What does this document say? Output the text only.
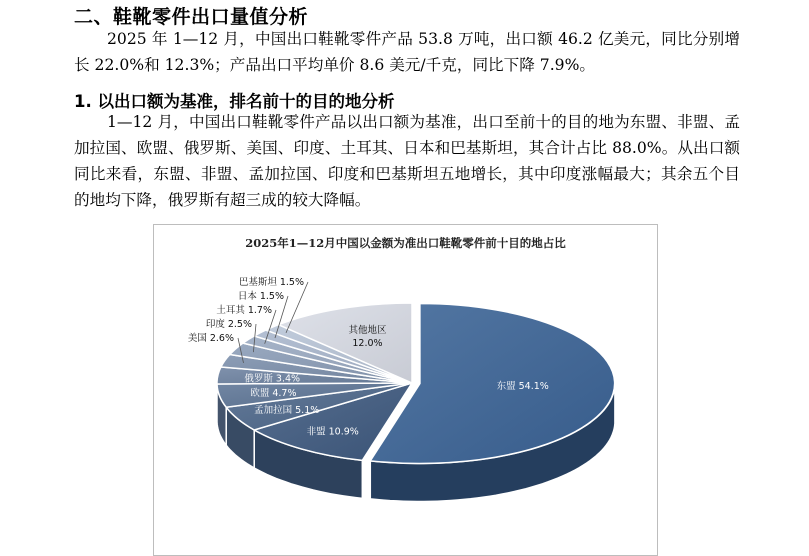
二、鞋靴零件出口量值分析
2025 年 1—12 月，中国出口鞋靴零件产品 53.8 万吨，出口额 46.2 亿美元，同比分别增长 22.0%和 12.3%；产品出口平均单价 8.6 美元/千克，同比下降 7.9%。
1. 以出口额为基准，排名前十的目的地分析
1—12 月，中国出口鞋靴零件产品以出口额为基准，出口至前十的目的地为东盟、非盟、孟加拉国、欧盟、俄罗斯、美国、印度、土耳其、日本和巴基斯坦，其合计占比 88.0%。从出口额同比来看，东盟、非盟、孟加拉国、印度和巴基斯坦五地增长，其中印度涨幅最大；其余五个目的地均下降，俄罗斯有超三成的较大降幅。
2025年1—12月中国以金额为准出口鞋靴零件前十目的地占比
东盟 54.1%
非盟 10.9%
孟加拉国 5.1%
欧盟 4.7%
俄罗斯 3.4%
美国 2.6%
印度 2.5%
土耳其 1.7%
日本 1.5%
巴基斯坦 1.5%
其他地区
12.0%
